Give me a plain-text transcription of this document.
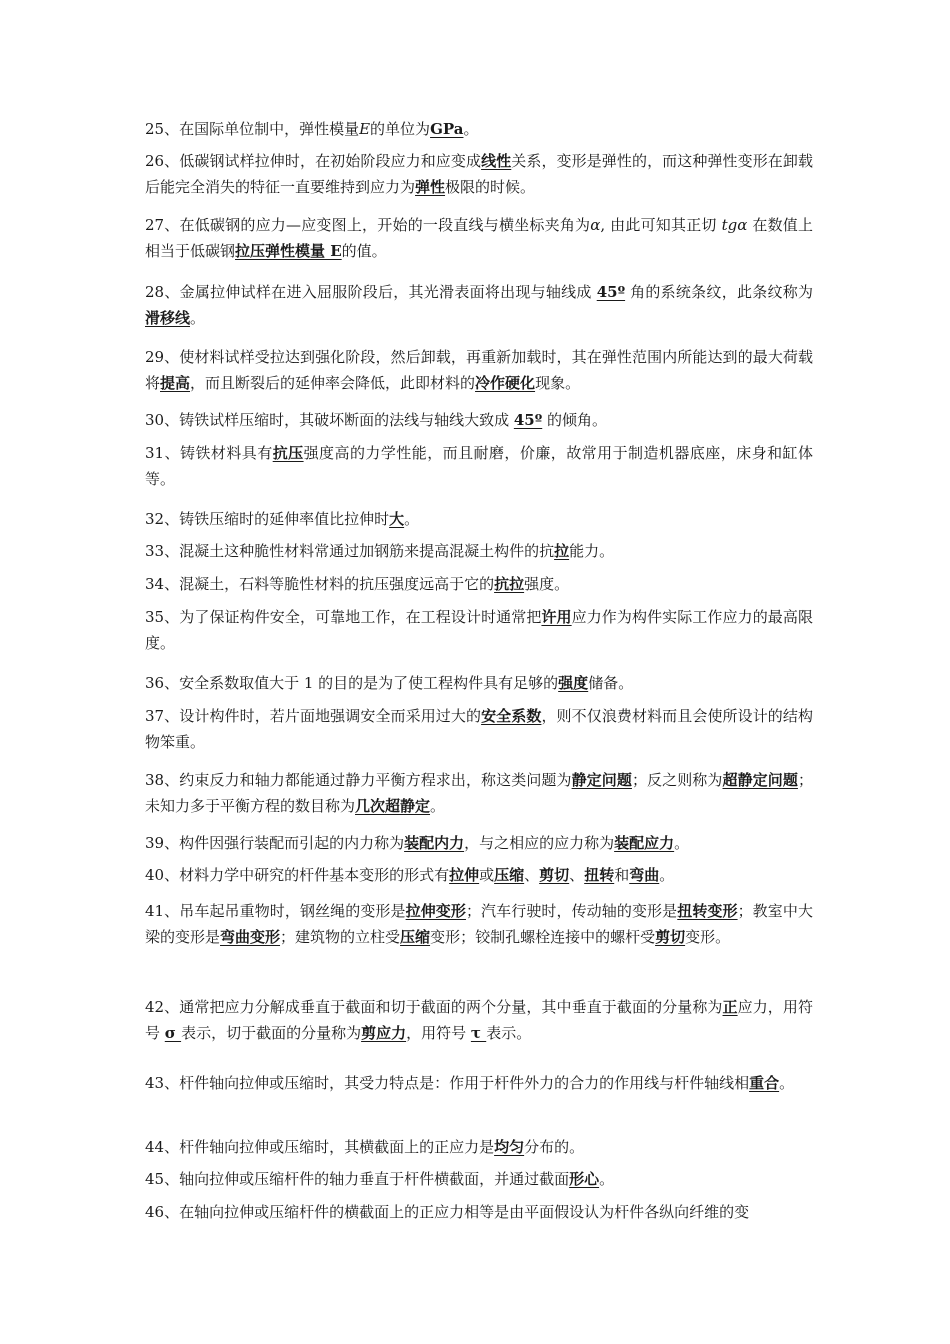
25、在国际单位制中，弹性模量E的单位为GPa。

26、低碳钢试样拉伸时，在初始阶段应力和应变成线性关系，变形是弹性的，而这种弹性变形在卸载后能完全消失的特征一直要维持到应力为弹性极限的时候。

27、在低碳钢的应力—应变图上，开始的一段直线与横坐标夹角为α, 由此可知其正切 tgα 在数值上相当于低碳钢拉压弹性模量 E的值。

28、金属拉伸试样在进入屈服阶段后，其光滑表面将出现与轴线成 45º 角的系统条纹，此条纹称为滑移线。

29、使材料试样受拉达到强化阶段，然后卸载，再重新加载时，其在弹性范围内所能达到的最大荷载将提高，而且断裂后的延伸率会降低，此即材料的冷作硬化现象。

30、铸铁试样压缩时，其破坏断面的法线与轴线大致成 45º 的倾角。

31、铸铁材料具有抗压强度高的力学性能，而且耐磨，价廉，故常用于制造机器底座，床身和缸体等。

32、铸铁压缩时的延伸率值比拉伸时大。

33、混凝土这种脆性材料常通过加钢筋来提高混凝土构件的抗拉能力。

34、混凝土，石料等脆性材料的抗压强度远高于它的抗拉强度。

35、为了保证构件安全，可靠地工作，在工程设计时通常把许用应力作为构件实际工作应力的最高限度。

36、安全系数取值大于 1 的目的是为了使工程构件具有足够的强度储备。

37、设计构件时，若片面地强调安全而采用过大的安全系数，则不仅浪费材料而且会使所设计的结构物笨重。

38、约束反力和轴力都能通过静力平衡方程求出，称这类问题为静定问题；反之则称为超静定问题；未知力多于平衡方程的数目称为几次超静定。

39、构件因强行装配而引起的内力称为装配内力，与之相应的应力称为装配应力。

40、材料力学中研究的杆件基本变形的形式有拉伸或压缩、剪切、扭转和弯曲。

41、吊车起吊重物时，钢丝绳的变形是拉伸变形；汽车行驶时，传动轴的变形是扭转变形；教室中大梁的变形是弯曲变形；建筑物的立柱受压缩变形；铰制孔螺栓连接中的螺杆受剪切变形。

42、通常把应力分解成垂直于截面和切于截面的两个分量，其中垂直于截面的分量称为正应力，用符号 σ 表示，切于截面的分量称为剪应力，用符号 τ 表示。

43、杆件轴向拉伸或压缩时，其受力特点是：作用于杆件外力的合力的作用线与杆件轴线相重合。

44、杆件轴向拉伸或压缩时，其横截面上的正应力是均匀分布的。

45、轴向拉伸或压缩杆件的轴力垂直于杆件横截面，并通过截面形心。

46、在轴向拉伸或压缩杆件的横截面上的正应力相等是由平面假设认为杆件各纵向纤维的变
